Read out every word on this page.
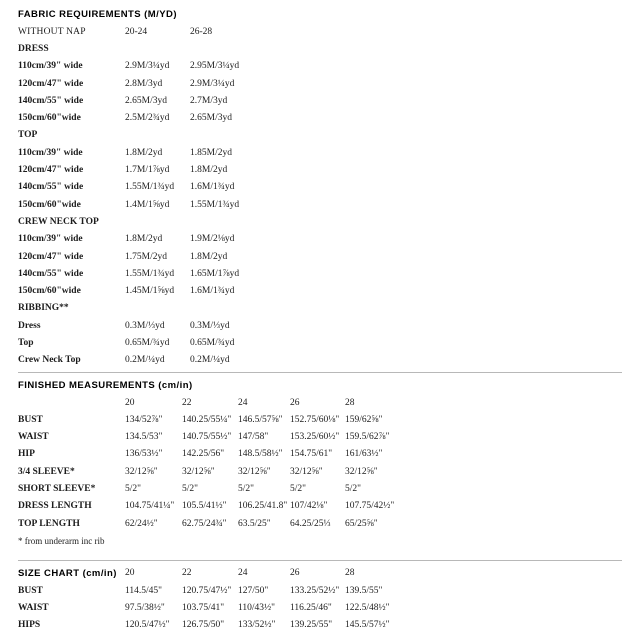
FABRIC REQUIREMENTS (M/YD)
WITHOUT NAP	20-24	26-28
DRESS
110cm/39" wide	2.9M/3¼yd	2.95M/3¼yd
120cm/47" wide	2.8M/3yd	2.9M/3¼yd
140cm/55" wide	2.65M/3yd	2.7M/3yd
150cm/60"wide	2.5M/2¾yd	2.65M/3yd
TOP
110cm/39" wide	1.8M/2yd	1.85M/2yd
120cm/47" wide	1.7M/1⅞yd	1.8M/2yd
140cm/55" wide	1.55M/1¾yd	1.6M/1¾yd
150cm/60"wide	1.4M/1⅝yd	1.55M/1¾yd
CREW NECK TOP
110cm/39" wide	1.8M/2yd	1.9M/2⅛yd
120cm/47" wide	1.75M/2yd	1.8M/2yd
140cm/55" wide	1.55M/1¾yd	1.65M/1⅞yd
150cm/60"wide	1.45M/1⅝yd	1.6M/1¾yd
RIBBING**
Dress	0.3M/⅓yd	0.3M/⅓yd
Top	0.65M/¾yd	0.65M/¾yd
Crew Neck Top	0.2M/¼yd	0.2M/¼yd
FINISHED MEASUREMENTS (cm/in)
20	22	24	26	28
BUST	134/52⅞"	140.25/55¼" 146.5/57⅝" 152.75/60⅛" 159/62⅝"
WAIST	134.5/53"	140.75/55½" 147/58"	153.25/60½" 159.5/62⅞"
HIP	136/53½"	142.25/56"	148.5/58½" 154.75/61"	161/63½"
3/4 SLEEVE*	32/12⅝"	32/12⅝"	32/12⅝"	32/12⅝"	32/12⅝"
SHORT SLEEVE*	5/2"	5/2"	5/2"	5/2"	5/2"
DRESS LENGTH	104.75/41¼" 105.5/41½"	106.25/41.8" 107/42⅛"	107.75/42½"
TOP LENGTH	62/24½"	62.75/24¾"	63.5/25"	64.25/25⅓	65/25⅝"
* from underarm inc rib
SIZE CHART (cm/in) 20	22	24	26	28
BUST	114.5/45"	120.75/47½" 127/50"	133.25/52½" 139.5/55"
WAIST	97.5/38½"	103.75/41"	110/43½"	116.25/46"	122.5/48½"
HIPS	120.5/47½"	126.75/50"	133/52½"	139.25/55"	145.5/57½"
